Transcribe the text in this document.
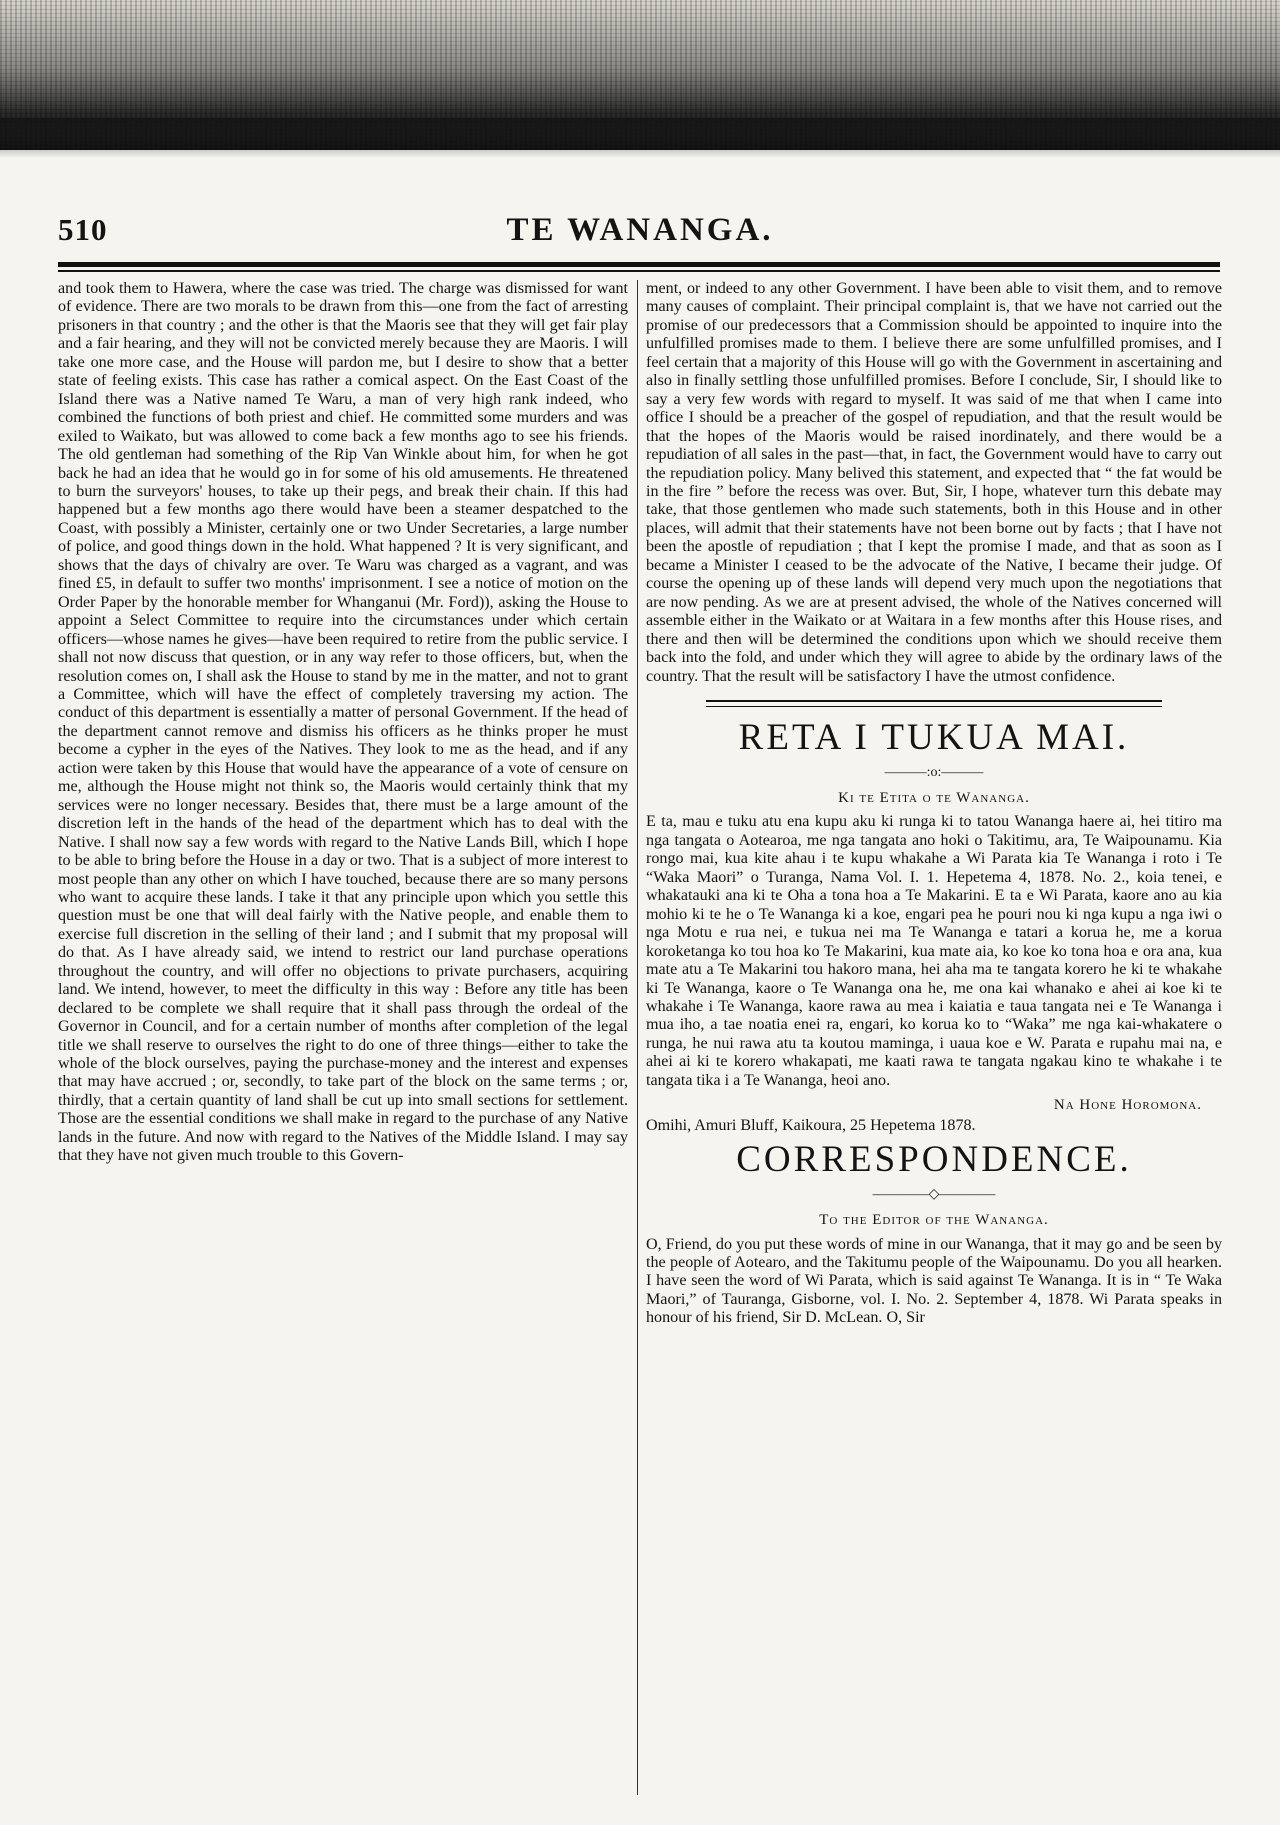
510	TE WANANGA.

and took them to Hawera, where the case was tried. The charge was dismissed for want of evidence. There are two morals to be drawn from this—one from the fact of arresting prisoners in that country ; and the other is that the Maoris see that they will get fair play and a fair hearing, and they will not be convicted merely because they are Maoris. I will take one more case, and the House will pardon me, but I desire to show that a better state of feeling exists. This case has rather a comical aspect. On the East Coast of the Island there was a Native named Te Waru, a man of very high rank indeed, who combined the functions of both priest and chief. He committed some murders and was exiled to Waikato, but was allowed to come back a few months ago to see his friends. The old gentleman had something of the Rip Van Winkle about him, for when he got back he had an idea that he would go in for some of his old amusements. He threatened to burn the surveyors' houses, to take up their pegs, and break their chain. If this had happened but a few months ago there would have been a steamer despatched to the Coast, with possibly a Minister, certainly one or two Under Secretaries, a large number of police, and good things down in the hold. What happened ? It is very significant, and shows that the days of chivalry are over. Te Waru was charged as a vagrant, and was fined £5, in default to suffer two months' imprisonment. I see a notice of motion on the Order Paper by the honorable member for Whanganui (Mr. Ford)), asking the House to appoint a Select Committee to require into the circumstances under which certain officers—whose names he gives—have been required to retire from the public service. I shall not now discuss that question, or in any way refer to those officers, but, when the resolution comes on, I shall ask the House to stand by me in the matter, and not to grant a Committee, which will have the effect of completely traversing my action. The conduct of this department is essentially a matter of personal Government. If the head of the department cannot remove and dismiss his officers as he thinks proper he must become a cypher in the eyes of the Natives. They look to me as the head, and if any action were taken by this House that would have the appearance of a vote of censure on me, although the House might not think so, the Maoris would certainly think that my services were no longer necessary. Besides that, there must be a large amount of the discretion left in the hands of the head of the department which has to deal with the Native. I shall now say a few words with regard to the Native Lands Bill, which I hope to be able to bring before the House in a day or two. That is a subject of more interest to most people than any other on which I have touched, because there are so many persons who want to acquire these lands. I take it that any principle upon which you settle this question must be one that will deal fairly with the Native people, and enable them to exercise full discretion in the selling of their land ; and I submit that my proposal will do that. As I have already said, we intend to restrict our land purchase operations throughout the country, and will offer no objections to private purchasers, acquiring land. We intend, however, to meet the difficulty in this way : Before any title has been declared to be complete we shall require that it shall pass through the ordeal of the Governor in Council, and for a certain number of months after completion of the legal title we shall reserve to ourselves the right to do one of three things—either to take the whole of the block ourselves, paying the purchase-money and the interest and expenses that may have accrued ; or, secondly, to take part of the block on the same terms ; or, thirdly, that a certain quantity of land shall be cut up into small sections for settlement. Those are the essential conditions we shall make in regard to the purchase of any Native lands in the future. And now with regard to the Natives of the Middle Island. I may say that they have not given much trouble to this Govern-

ment, or indeed to any other Government. I have been able to visit them, and to remove many causes of complaint. Their principal complaint is, that we have not carried out the promise of our predecessors that a Commission should be appointed to inquire into the unfulfilled promises made to them. I believe there are some unfulfilled promises, and I feel certain that a majority of this House will go with the Government in ascertaining and also in finally settling those unfulfilled promises. Before I conclude, Sir, I should like to say a very few words with regard to myself. It was said of me that when I came into office I should be a preacher of the gospel of repudiation, and that the result would be that the hopes of the Maoris would be raised inordinately, and there would be a repudiation of all sales in the past—that, in fact, the Government would have to carry out the repudiation policy. Many belived this statement, and expected that “ the fat would be in the fire ” before the recess was over. But, Sir, I hope, whatever turn this debate may take, that those gentlemen who made such statements, both in this House and in other places, will admit that their statements have not been borne out by facts ; that I have not been the apostle of repudiation ; that I kept the promise I made, and that as soon as I became a Minister I ceased to be the advocate of the Native, I became their judge. Of course the opening up of these lands will depend very much upon the negotiations that are now pending. As we are at present advised, the whole of the Natives concerned will assemble either in the Waikato or at Waitara in a few months after this House rises, and there and then will be determined the conditions upon which we should receive them back into the fold, and under which they will agree to abide by the ordinary laws of the country. That the result will be satisfactory I have the utmost confidence.

RETA I TUKUA MAI.
———:o:———
Ki te Etita o te Wananga.

E ta, mau e tuku atu ena kupu aku ki runga ki to tatou Wananga haere ai, hei titiro ma nga tangata o Aotearoa, me nga tangata ano hoki o Takitimu, ara, Te Waipounamu. Kia rongo mai, kua kite ahau i te kupu whakahe a Wi Parata kia Te Wananga i roto i Te “Waka Maori” o Turanga, Nama Vol. I. 1. Hepetema 4, 1878. No. 2., koia tenei, e whakatauki ana ki te Oha a tona hoa a Te Makarini. E ta e Wi Parata, kaore ano au kia mohio ki te he o Te Wananga ki a koe, engari pea he pouri nou ki nga kupu a nga iwi o nga Motu e rua nei, e tukua nei ma Te Wananga e tatari a korua he, me a korua koroketanga ko tou hoa ko Te Makarini, kua mate aia, ko koe ko tona hoa e ora ana, kua mate atu a Te Makarini tou hakoro mana, hei aha ma te tangata korero he ki te whakahe ki Te Wananga, kaore o Te Wananga ona he, me ona kai whanako e ahei ai koe ki te whakahe i Te Wananga, kaore rawa au mea i kaiatia e taua tangata nei e Te Wananga i mua iho, a tae noatia enei ra, engari, ko korua ko to “Waka” me nga kai-whakatere o runga, he nui rawa atu ta koutou maminga, i uaua koe e W. Parata e rupahu mai na, e ahei ai ki te korero whakapati, me kaati rawa te tangata ngakau kino te whakahe i te tangata tika i a Te Wananga, heoi ano.

Na Hone Horomona.

Omihi, Amuri Bluff, Kaikoura, 25 Hepetema 1878.

CORRESPONDENCE.
————◇————
To the Editor of the Wananga.

O, Friend, do you put these words of mine in our Wananga, that it may go and be seen by the people of Aotearo, and the Takitumu people of the Waipounamu. Do you all hearken. I have seen the word of Wi Parata, which is said against Te Wananga. It is in “ Te Waka Maori,” of Tauranga, Gisborne, vol. I. No. 2. September 4, 1878. Wi Parata speaks in honour of his friend, Sir D. McLean. O, Sir
